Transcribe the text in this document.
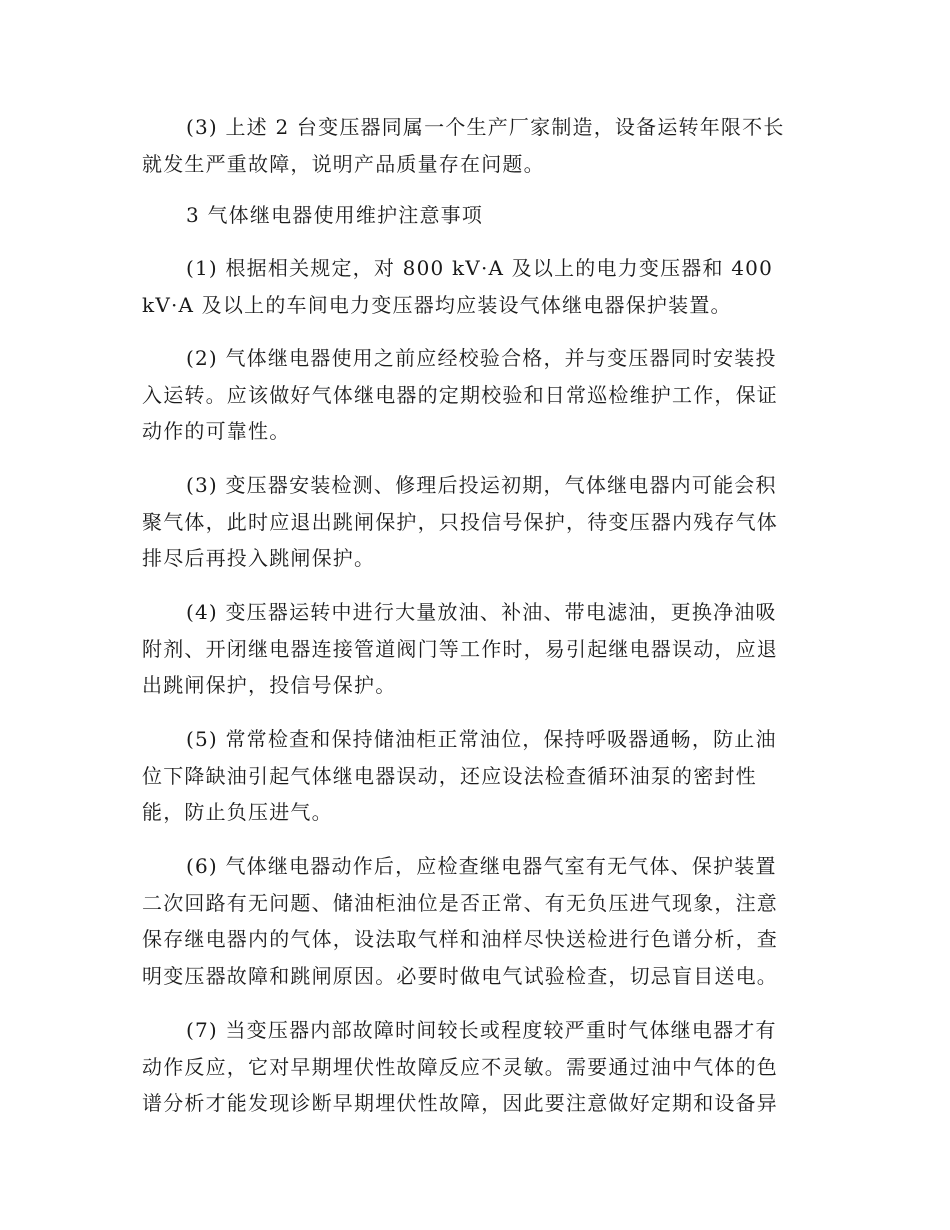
(3) 上述 2 台变压器同属一个生产厂家制造，设备运转年限不长
就发生严重故障，说明产品质量存在问题。
3 气体继电器使用维护注意事项
(1) 根据相关规定，对 800 kV·A 及以上的电力变压器和 400
kV·A 及以上的车间电力变压器均应装设气体继电器保护装置。
(2) 气体继电器使用之前应经校验合格，并与变压器同时安装投
入运转。应该做好气体继电器的定期校验和日常巡检维护工作，保证
动作的可靠性。
(3) 变压器安装检测、修理后投运初期，气体继电器内可能会积
聚气体，此时应退出跳闸保护，只投信号保护，待变压器内残存气体
排尽后再投入跳闸保护。
(4) 变压器运转中进行大量放油、补油、带电滤油，更换净油吸
附剂、开闭继电器连接管道阀门等工作时，易引起继电器误动，应退
出跳闸保护，投信号保护。
(5) 常常检查和保持储油柜正常油位，保持呼吸器通畅，防止油
位下降缺油引起气体继电器误动，还应设法检查循环油泵的密封性
能，防止负压进气。
(6) 气体继电器动作后，应检查继电器气室有无气体、保护装置
二次回路有无问题、储油柜油位是否正常、有无负压进气现象，注意
保存继电器内的气体，设法取气样和油样尽快送检进行色谱分析，查
明变压器故障和跳闸原因。必要时做电气试验检查，切忌盲目送电。
(7) 当变压器内部故障时间较长或程度较严重时气体继电器才有
动作反应，它对早期埋伏性故障反应不灵敏。需要通过油中气体的色
谱分析才能发现诊断早期埋伏性故障，因此要注意做好定期和设备异
